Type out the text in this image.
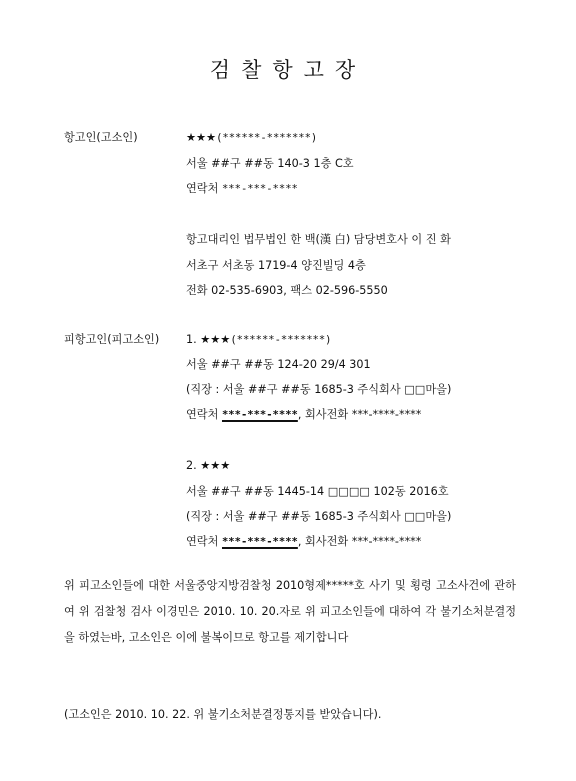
검찰항고장
항고인(고소인)	★★★(******-*******)
서울 ##구 ##동 140-3 1층 C호
연락처 ***-***-****
항고대리인 법무법인 한 백(漢 白) 담당변호사 이 진 화
서초구 서초동 1719-4 양진빌딩 4층
전화 02-535-6903, 팩스 02-596-5550
피항고인(피고소인) 1. ★★★(******-*******)
서울 ##구 ##동 124-20 29/4 301
(직장 : 서울 ##구 ##동 1685-3 주식회사 □□마을)
연락처 ***-***-****, 회사전화 ***-****-****
2. ★★★
서울 ##구 ##동 1445-14 □□□□ 102동 2016호
(직장 : 서울 ##구 ##동 1685-3 주식회사 □□마을)
연락처 ***-***-****, 회사전화 ***-****-****
위 피고소인들에 대한 서울중앙지방검찰청 2010형제*****호 사기 및 횡령 고소사건에 관하여 위 검찰청 검사 이경민은 2010. 10. 20.자로 위 피고소인들에 대하여 각 불기소처분결정을 하였는바, 고소인은 이에 불복이므로 항고를 제기합니다
(고소인은 2010. 10. 22. 위 불기소처분결정통지를 받았습니다).
